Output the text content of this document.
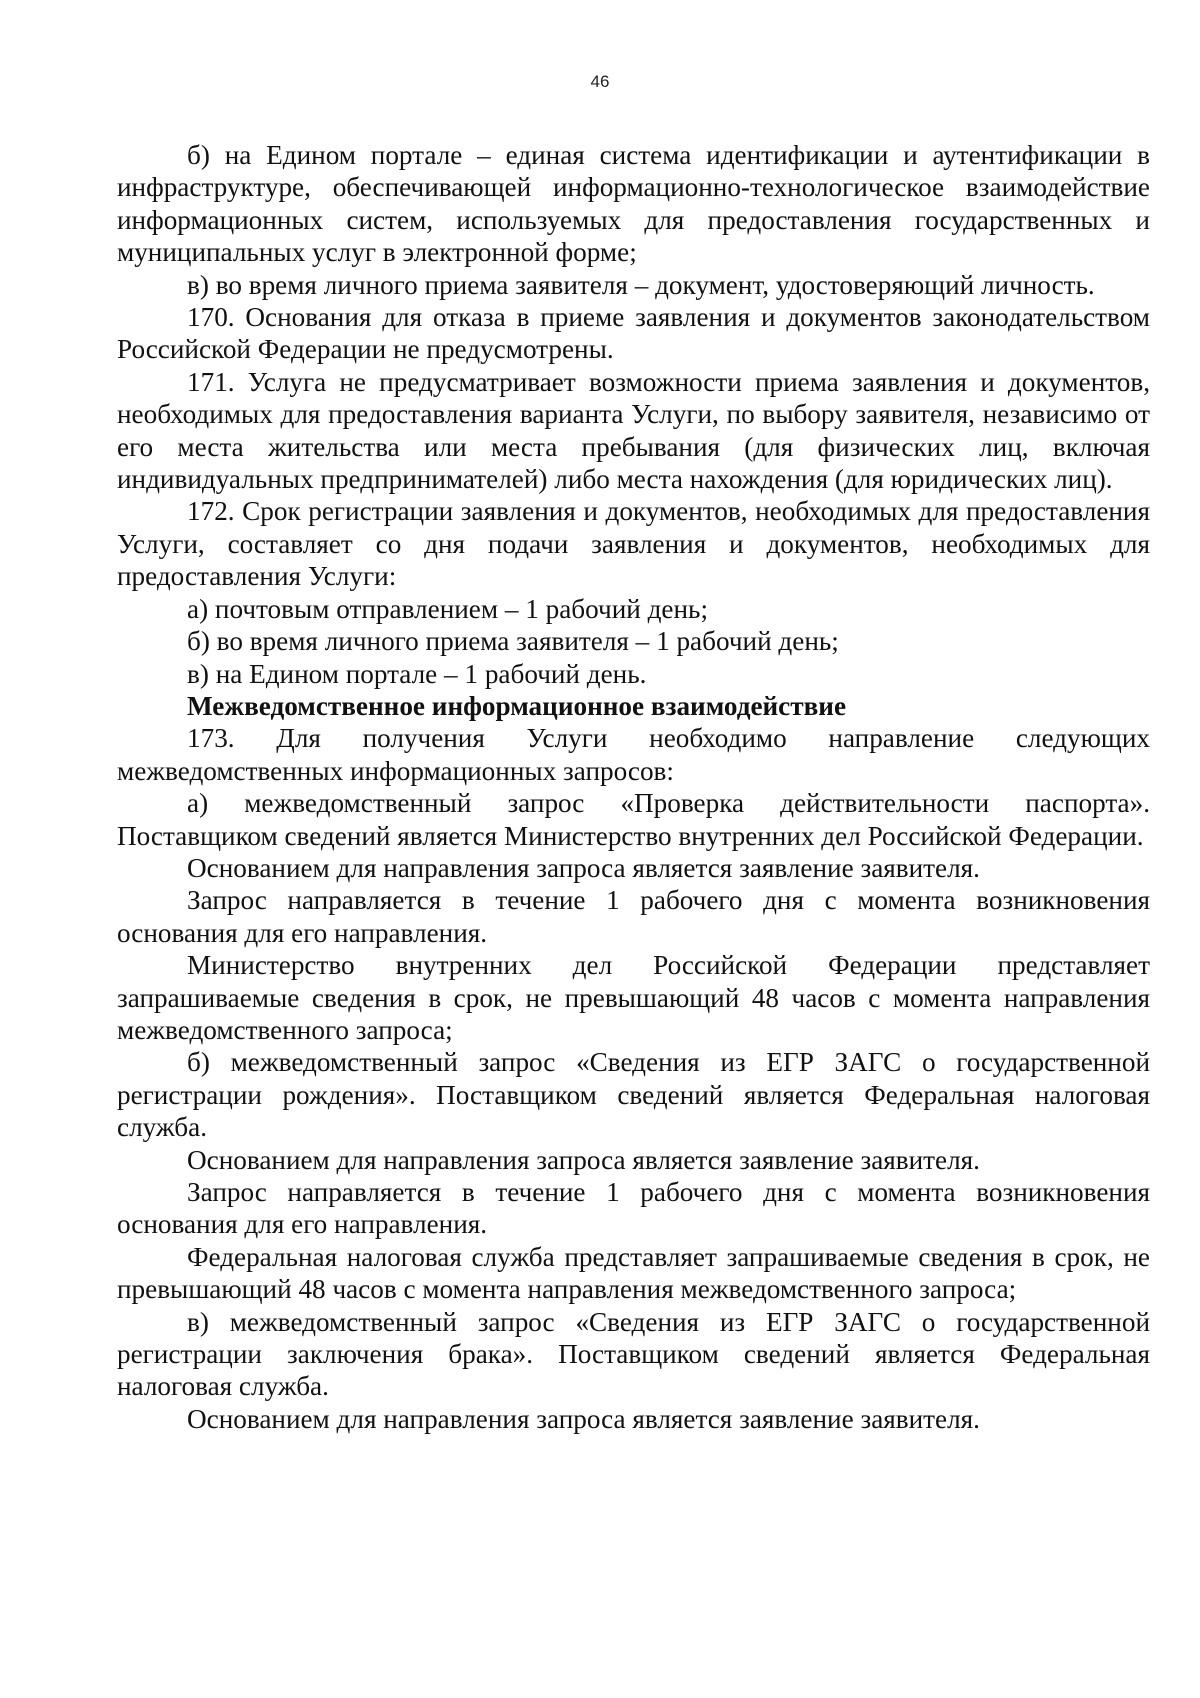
46

б) на Едином портале – единая система идентификации и аутентификации в инфраструктуре, обеспечивающей информационно-технологическое взаимодействие информационных систем, используемых для предоставления государственных и муниципальных услуг в электронной форме;

в) во время личного приема заявителя – документ, удостоверяющий личность.

170. Основания для отказа в приеме заявления и документов законодательством Российской Федерации не предусмотрены.

171. Услуга не предусматривает возможности приема заявления и документов, необходимых для предоставления варианта Услуги, по выбору заявителя, независимо от его места жительства или места пребывания (для физических лиц, включая индивидуальных предпринимателей) либо места нахождения (для юридических лиц).

172. Срок регистрации заявления и документов, необходимых для предоставления Услуги, составляет со дня подачи заявления и документов, необходимых для предоставления Услуги:

а) почтовым отправлением – 1 рабочий день;

б) во время личного приема заявителя – 1 рабочий день;

в) на Едином портале – 1 рабочий день.

Межведомственное информационное взаимодействие

173. Для получения Услуги необходимо направление следующих межведомственных информационных запросов:

а) межведомственный запрос «Проверка действительности паспорта». Поставщиком сведений является Министерство внутренних дел Российской Федерации.

Основанием для направления запроса является заявление заявителя.

Запрос направляется в течение 1 рабочего дня с момента возникновения основания для его направления.

Министерство внутренних дел Российской Федерации представляет запрашиваемые сведения в срок, не превышающий 48 часов с момента направления межведомственного запроса;

б) межведомственный запрос «Сведения из ЕГР ЗАГС о государственной регистрации рождения». Поставщиком сведений является Федеральная налоговая служба.

Основанием для направления запроса является заявление заявителя.

Запрос направляется в течение 1 рабочего дня с момента возникновения основания для его направления.

Федеральная налоговая служба представляет запрашиваемые сведения в срок, не превышающий 48 часов с момента направления межведомственного запроса;

в) межведомственный запрос «Сведения из ЕГР ЗАГС о государственной регистрации заключения брака». Поставщиком сведений является Федеральная налоговая служба.

Основанием для направления запроса является заявление заявителя.
